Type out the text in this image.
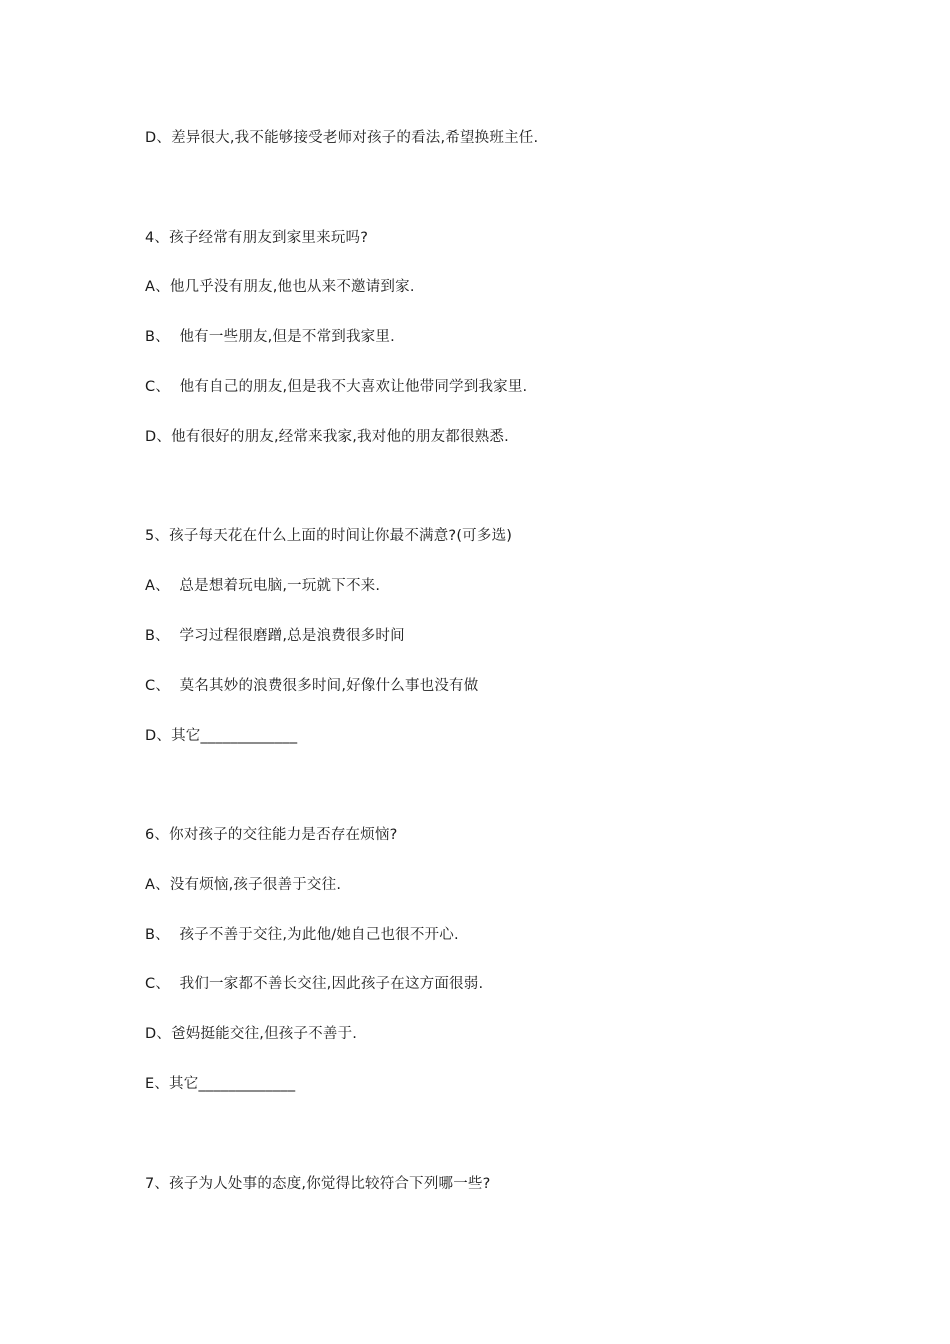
D、差异很大,我不能够接受老师对孩子的看法,希望换班主任.
4、孩子经常有朋友到家里来玩吗?
A、他几乎没有朋友,他也从来不邀请到家.
B、  他有一些朋友,但是不常到我家里.
C、  他有自己的朋友,但是我不大喜欢让他带同学到我家里.
D、他有很好的朋友,经常来我家,我对他的朋友都很熟悉.
5、孩子每天花在什么上面的时间让你最不满意?(可多选)
A、  总是想着玩电脑,一玩就下不来.
B、  学习过程很磨蹭,总是浪费很多时间
C、  莫名其妙的浪费很多时间,好像什么事也没有做
D、其它_____________
6、你对孩子的交往能力是否存在烦恼?
A、没有烦恼,孩子很善于交往.
B、  孩子不善于交往,为此他/她自己也很不开心.
C、  我们一家都不善长交往,因此孩子在这方面很弱.
D、爸妈挺能交往,但孩子不善于.
E、其它_____________
7、孩子为人处事的态度,你觉得比较符合下列哪一些?
